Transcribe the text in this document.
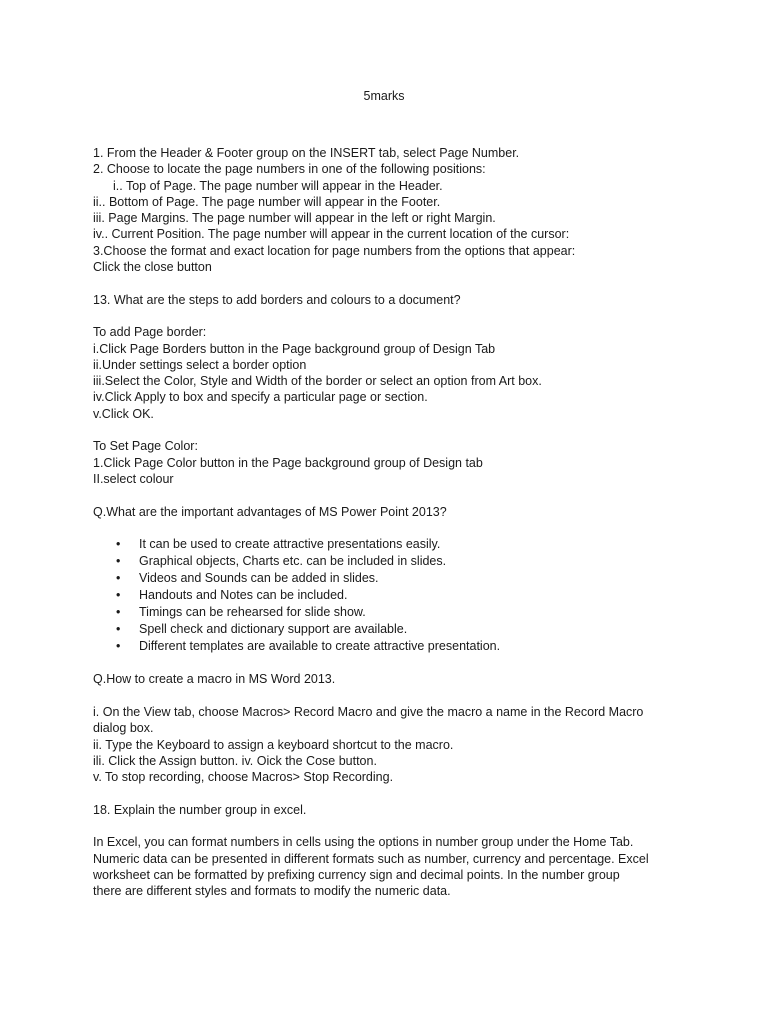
5marks
1. From the Header & Footer group on the INSERT tab, select Page Number.
2. Choose to locate the page numbers in one of the following positions:
i.. Top of Page. The page number will appear in the Header.
ii.. Bottom of Page. The page number will appear in the Footer.
iii. Page Margins. The page number will appear in the left or right Margin.
iv.. Current Position. The page number will appear in the current location of the cursor:
3.Choose the format and exact location for page numbers from the options that appear:
Click the close button
13. What are the steps to add borders and colours to a document?
To add Page border:
i.Click Page Borders button in the Page background group of Design Tab
ii.Under settings select a border option
iii.Select the Color, Style and Width of the border or select an option from Art box.
iv.Click Apply to box and specify a particular page or section.
v.Click OK.
To Set Page Color:
1.Click Page Color button in the Page background group of Design tab
II.select colour
Q.What are the important advantages of MS Power Point 2013?
• It can be used to create attractive presentations easily.
• Graphical objects, Charts etc. can be included in slides.
• Videos and Sounds can be added in slides.
• Handouts and Notes can be included.
• Timings can be rehearsed for slide show.
• Spell check and dictionary support are available.
• Different templates are available to create attractive presentation.
Q.How to create a macro in MS Word 2013.
i. On the View tab, choose Macros> Record Macro and give the macro a name in the Record Macro
dialog box.
ii. Type the Keyboard to assign a keyboard shortcut to the macro.
ili. Click the Assign button. iv. Oick the Cose button.
v. To stop recording, choose Macros> Stop Recording.
18. Explain the number group in excel.
In Excel, you can format numbers in cells using the options in number group under the Home Tab.
Numeric data can be presented in different formats such as number, currency and percentage. Excel
worksheet can be formatted by prefixing currency sign and decimal points. In the number group
there are different styles and formats to modify the numeric data.
